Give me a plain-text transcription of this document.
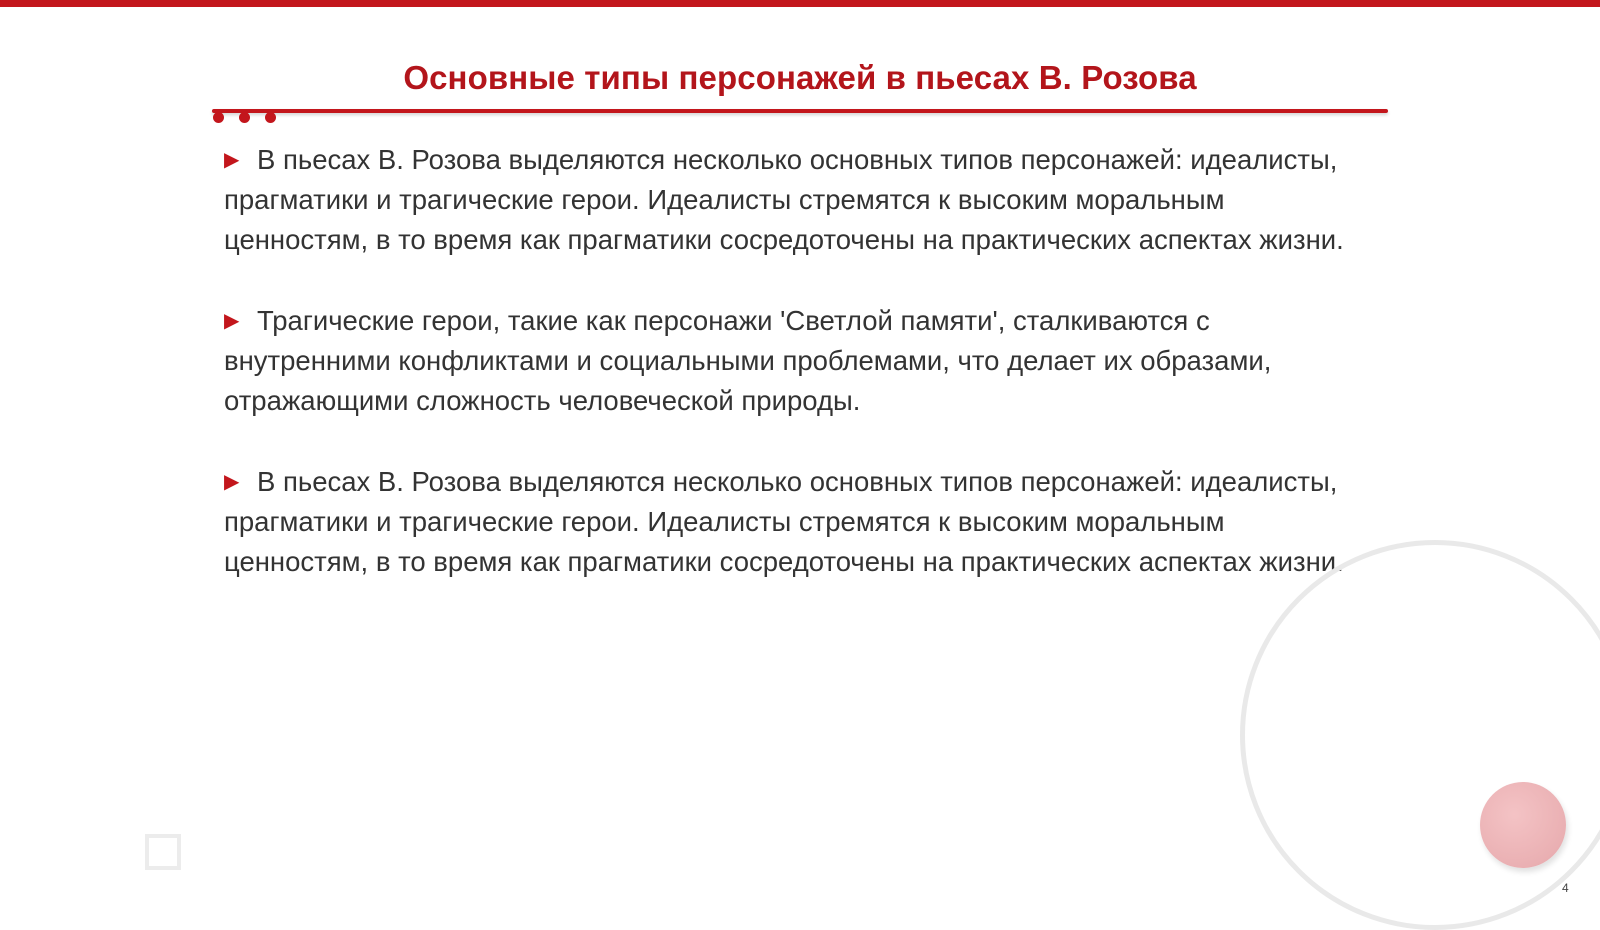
Основные типы персонажей в пьесах В. Розова
▶ В пьесах В. Розова выделяются несколько основных типов персонажей: идеалисты, прагматики и трагические герои. Идеалисты стремятся к высоким моральным ценностям, в то время как прагматики сосредоточены на практических аспектах жизни.
▶ Трагические герои, такие как персонажи 'Светлой памяти', сталкиваются с внутренними конфликтами и социальными проблемами, что делает их образами, отражающими сложность человеческой природы.
▶ В пьесах В. Розова выделяются несколько основных типов персонажей: идеалисты, прагматики и трагические герои. Идеалисты стремятся к высоким моральным ценностям, в то время как прагматики сосредоточены на практических аспектах жизни.
4
